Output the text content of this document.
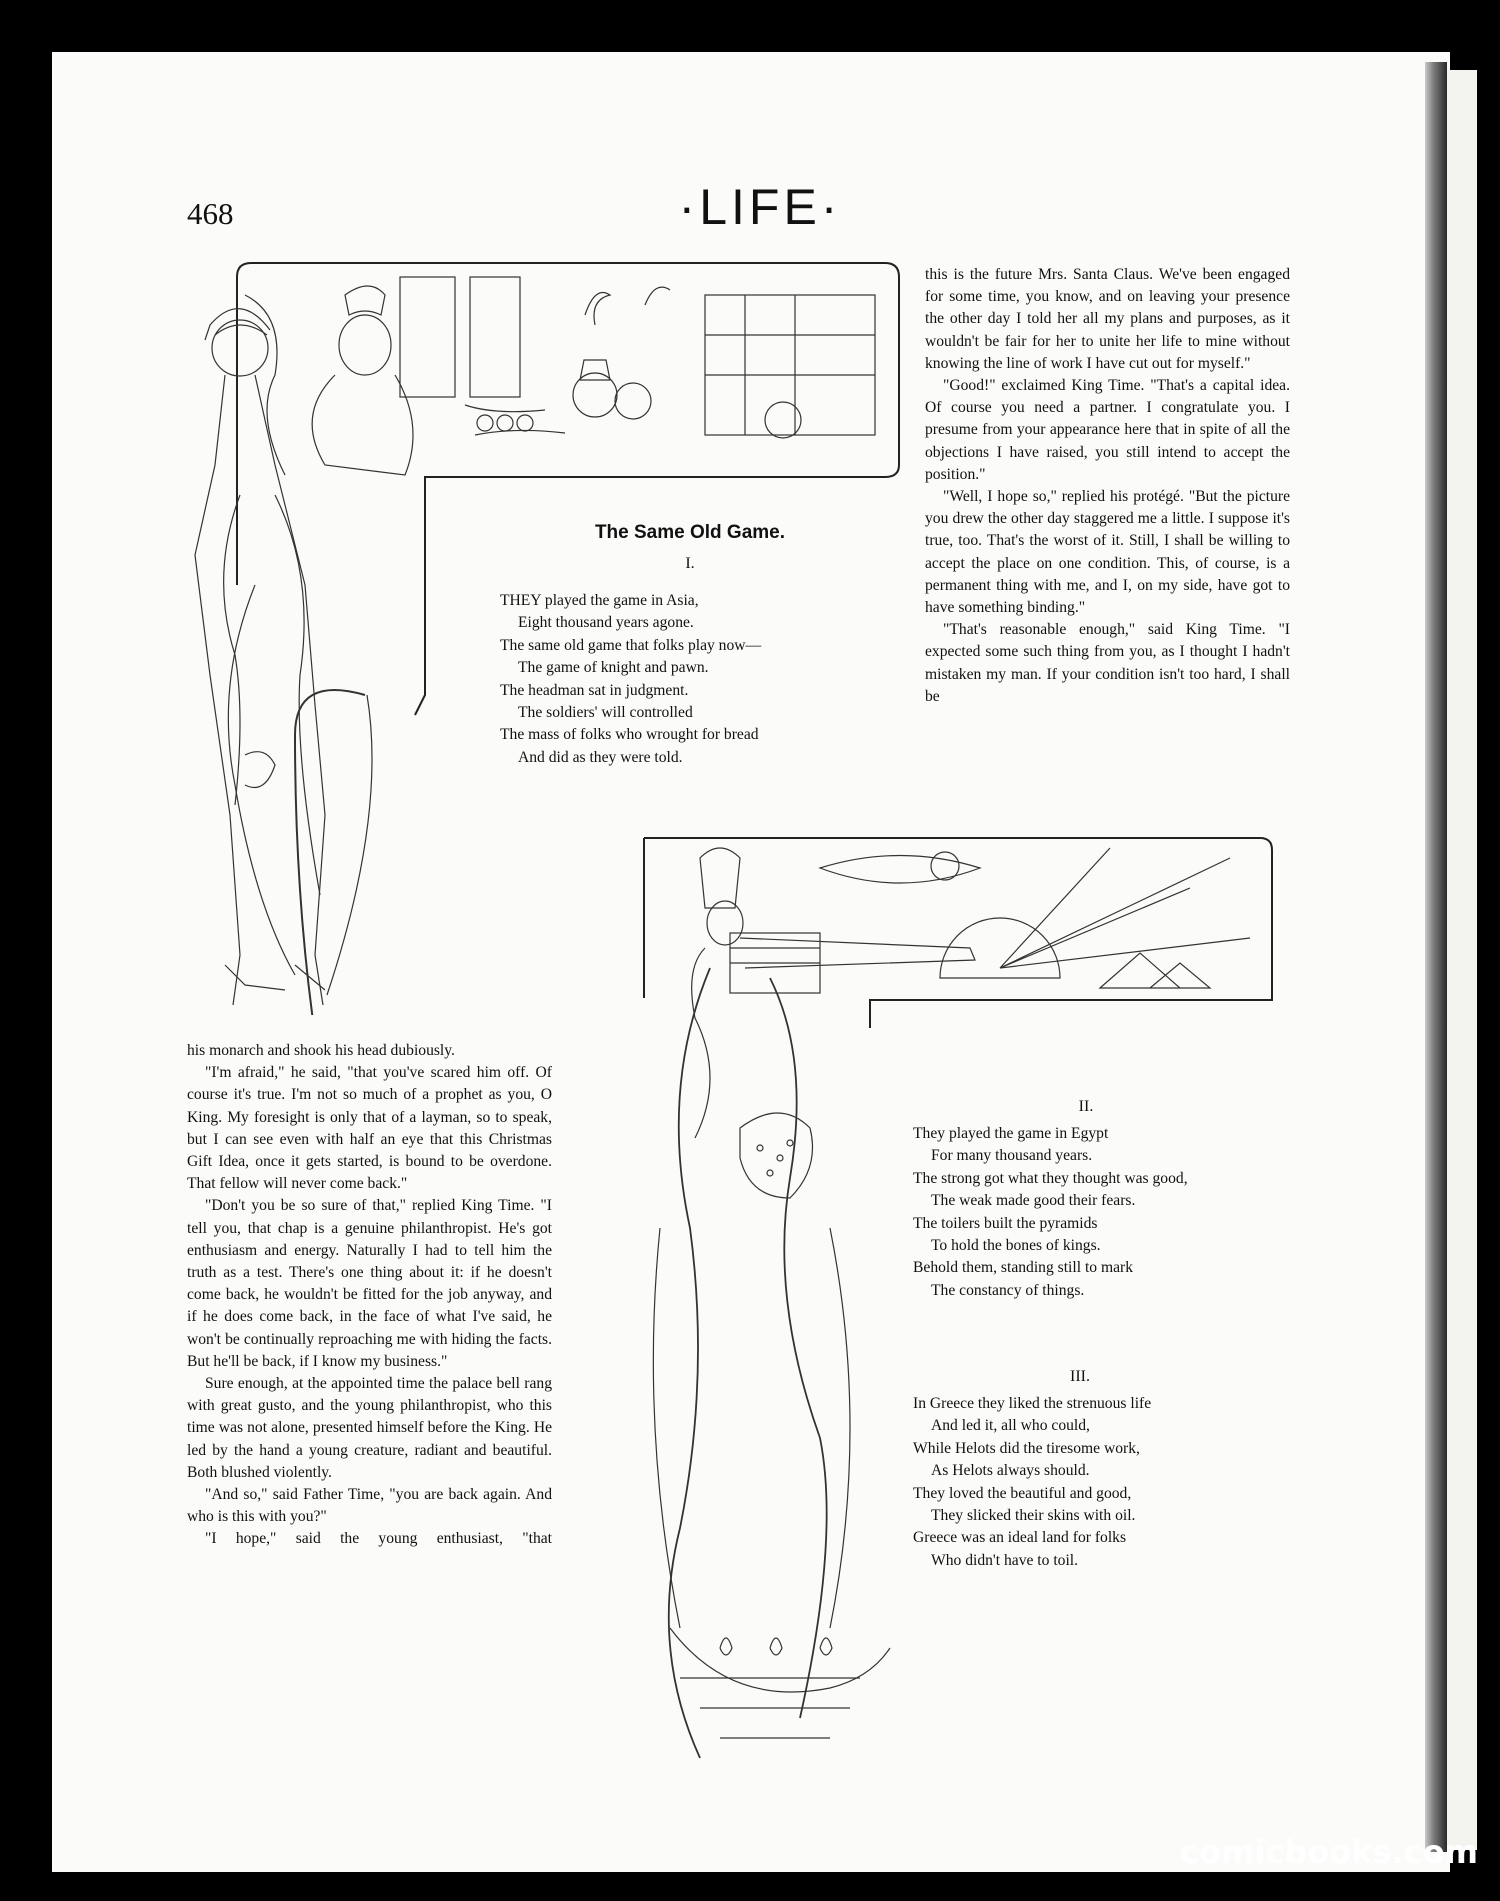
468	·LIFE·
The Same Old Game.
I.
THEY played the game in Asia,
Eight thousand years agone.
The same old game that folks play now—
The game of knight and pawn.
The headman sat in judgment.
The soldiers' will controlled
The mass of folks who wrought for bread
And did as they were told.
II.
They played the game in Egypt
For many thousand years.
The strong got what they thought was good,
The weak made good their fears.
The toilers built the pyramids
To hold the bones of kings.
Behold them, standing still to mark
The constancy of things.
III.
In Greece they liked the strenuous life
And led it, all who could,
While Helots did the tiresome work,
As Helots always should.
They loved the beautiful and good,
They slicked their skins with oil.
Greece was an ideal land for folks
Who didn't have to toil.

this is the future Mrs. Santa Claus. We've been engaged for some time, you know, and on leaving your presence the other day I told her all my plans and purposes, as it wouldn't be fair for her to unite her life to mine without knowing the line of work I have cut out for myself."

"Good!" exclaimed King Time. "That's a capital idea. Of course you need a partner. I congratulate you. I presume from your appearance here that in spite of all the objections I have raised, you still intend to accept the position."

"Well, I hope so," replied his protégé. "But the picture you drew the other day staggered me a little. I suppose it's true, too. That's the worst of it. Still, I shall be willing to accept the place on one condition. This, of course, is a permanent thing with me, and I, on my side, have got to have something binding."

"That's reasonable enough," said King Time. "I expected some such thing from you, as I thought I hadn't mistaken my man. If your condition isn't too hard, I shall be

his monarch and shook his head dubiously.

"I'm afraid," he said, "that you've scared him off. Of course it's true. I'm not so much of a prophet as you, O King. My foresight is only that of a layman, so to speak, but I can see even with half an eye that this Christmas Gift Idea, once it gets started, is bound to be overdone. That fellow will never come back."

"Don't you be so sure of that," replied King Time. "I tell you, that chap is a genuine philanthropist. He's got enthusiasm and energy. Naturally I had to tell him the truth as a test. There's one thing about it: if he doesn't come back, he wouldn't be fitted for the job anyway, and if he does come back, in the face of what I've said, he won't be continually reproaching me with hiding the facts. But he'll be back, if I know my business."

Sure enough, at the appointed time the palace bell rang with great gusto, and the young philanthropist, who this time was not alone, presented himself before the King. He led by the hand a young creature, radiant and beautiful. Both blushed violently.

"And so," said Father Time, "you are back again. And who is this with you?"

"I hope," said the young enthusiast, "that

comicbooks.com
